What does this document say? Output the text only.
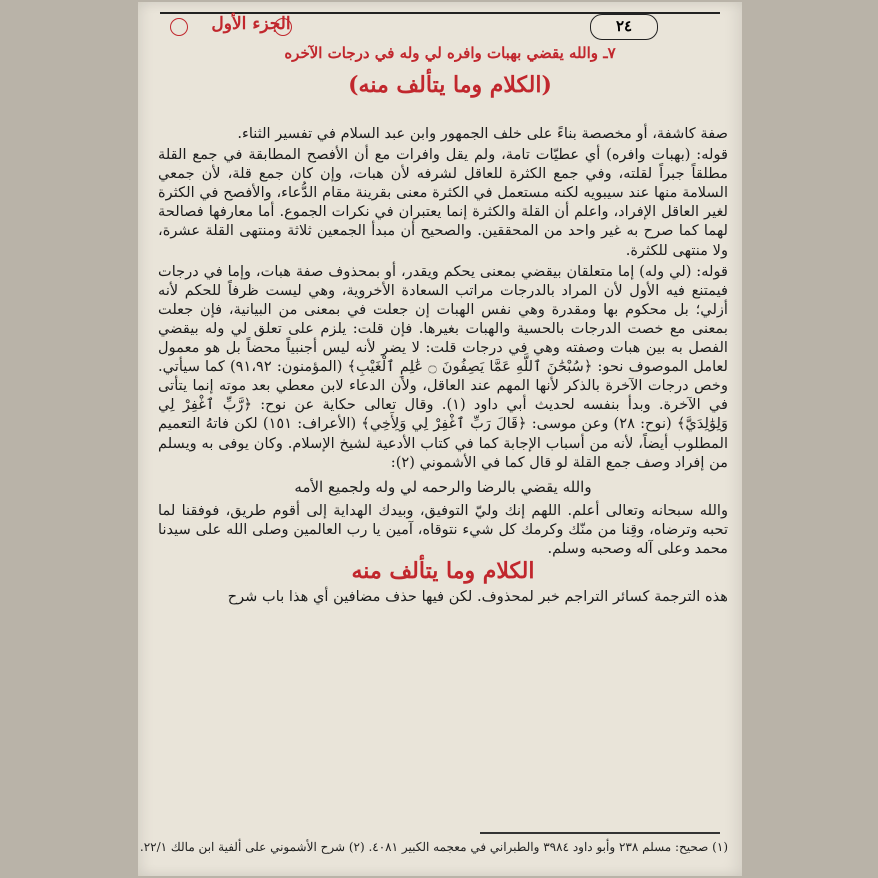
الجزء الأول	٢٤
٧ـ والله يقضي بهبات وافره لي وله في درجات الآخره
(الكلام وما يتألف منه)

صفة كاشفة، أو مخصصة بناءً على خلف الجمهور وابن عبد السلام في تفسير الثناء.

قوله: (بهبات وافره) أي عطيّات تامة، ولم يقل وافرات مع أن الأفصح المطابقة في جمع القلة مطلقاً جبراً لقلته، وفي جمع الكثرة للعاقل لشرفه لأن هبات، وإن كان جمع قلة، لأن جمعي السلامة منها عند سيبويه لكنه مستعمل في الكثرة معنى بقرينة مقام الدُّعاء، والأفصح في الكثرة لغير العاقل الإفراد، واعلم أن القلة والكثرة إنما يعتبران في نكرات الجموع. أما معارفها فصالحة لهما كما صرح به غير واحد من المحققين. والصحيح أن مبدأ الجمعين ثلاثة ومنتهى القلة عشرة، ولا منتهى للكثرة.

قوله: (لي وله) إما متعلقان بيقضي بمعنى يحكم ويقدر، أو بمحذوف صفة هبات، وإما في درجات فيمتنع فيه الأول لأن المراد بالدرجات مراتب السعادة الأخروية، وهي ليست ظرفاً للحكم لأنه أزلي؛ بل محكوم بها ومقدرة وهي نفس الهبات إن جعلت في بمعنى من البيانية، فإن جعلت بمعنى مع خصت الدرجات بالحسية والهبات بغيرها. فإن قلت: يلزم على تعلق لي وله بيقضي الفصل به بين هبات وصفته وهي في درجات قلت: لا يضر لأنه ليس أجنبياً محضاً بل هو معمول لعامل الموصوف نحو: ﴿سُبْحَٰنَ ٱللَّهِ عَمَّا يَصِفُونَ ۝ عَٰلِمِ ٱلْغَيْبِ﴾ (المؤمنون: ٩١،٩٢) كما سيأتي. وخص درجات الآخرة بالذكر لأنها المهم عند العاقل، ولأن الدعاء لابن معطي بعد موته إنما يتأتى في الآخرة. وبدأ بنفسه لحديث أبي داود (١). وقال تعالى حكاية عن نوح: ﴿رَّبِّ ٱغْفِرْ لِي وَلِوَٰلِدَيَّ﴾ (نوح: ٢٨) وعن موسى: ﴿قَالَ رَبِّ ٱغْفِرْ لِي وَلِأَخِي﴾ (الأعراف: ١٥١) لكن فاتهُ التعميم المطلوب أيضاً، لأنه من أسباب الإجابة كما في كتاب الأدعية لشيخ الإسلام. وكان يوفى به ويسلم من إفراد وصف جمع القلة لو قال كما في الأشموني (٢):

والله يقضي بالرضا والرحمه لي وله ولجميع الأمه

والله سبحانه وتعالى أعلم. اللهم إنك وليّ التوفيق، وبيدك الهداية إلى أقوم طريق، فوفقنا لما تحبه وترضاه، وقِنا من منّك وكرمك كل شيء نتوقاه، آمين يا رب العالمين وصلى الله على سيدنا محمد وعلى آله وصحبه وسلم.

الكلام وما يتألف منه

هذه الترجمة كسائر التراجم خبر لمحذوف. لكن فيها حذف مضافين أي هذا باب شرح

(١) صحيح: مسلم ٢٣٨ وأبو داود ٣٩٨٤ والطبراني في معجمه الكبير ٤٠٨١. (٢) شرح الأشموني على ألفية ابن مالك ٢٢/١.
